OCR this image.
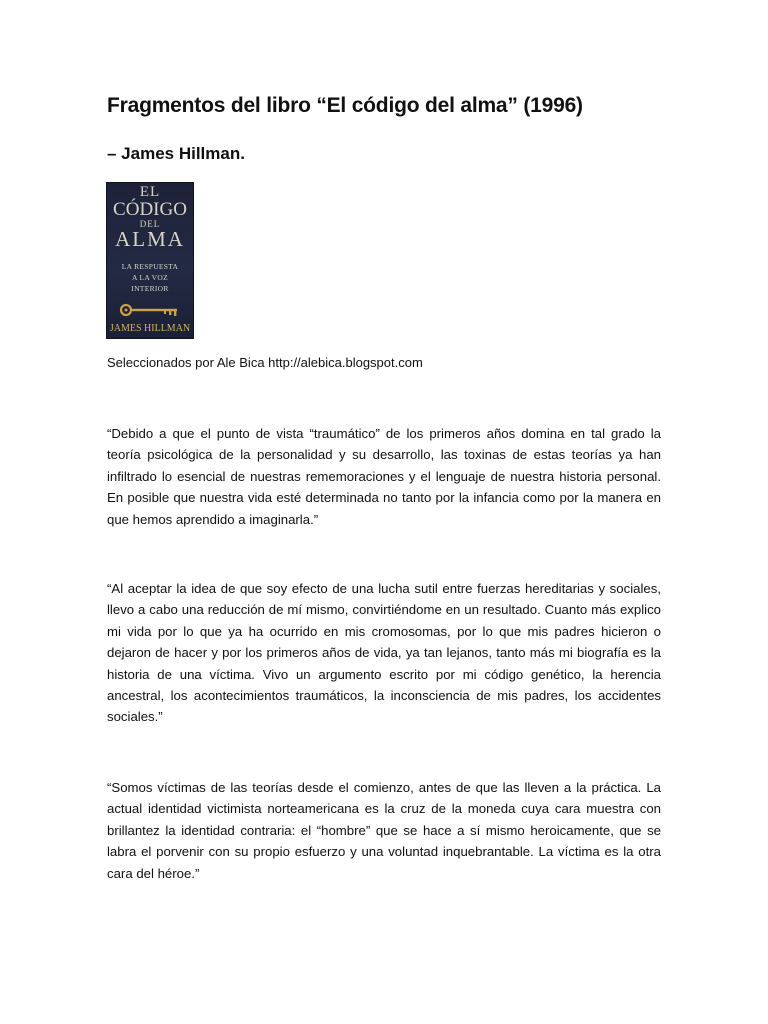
Fragmentos del libro “El código del alma” (1996)

– James Hillman.

EL
CÓDIGO
DEL
ALMA
LA RESPUESTA
A LA VOZ
INTERIOR
JAMES HILLMAN

Seleccionados por Ale Bica http://alebica.blogspot.com

“Debido a que el punto de vista “traumático” de los primeros años domina en tal grado la teoría psicológica de la personalidad y su desarrollo, las toxinas de estas teorías ya han infiltrado lo esencial de nuestras rememoraciones y el lenguaje de nuestra historia personal. En posible que nuestra vida esté determinada no tanto por la infancia como por la manera en que hemos aprendido a imaginarla.”

“Al aceptar la idea de que soy efecto de una lucha sutil entre fuerzas hereditarias y sociales, llevo a cabo una reducción de mí mismo, convirtiéndome en un resultado. Cuanto más explico mi vida por lo que ya ha ocurrido en mis cromosomas, por lo que mis padres hicieron o dejaron de hacer y por los primeros años de vida, ya tan lejanos, tanto más mi biografía es la historia de una víctima. Vivo un argumento escrito por mi código genético, la herencia ancestral, los acontecimientos traumáticos, la inconsciencia de mis padres, los accidentes sociales.”

“Somos víctimas de las teorías desde el comienzo, antes de que las lleven a la práctica. La actual identidad victimista norteamericana es la cruz de la moneda cuya cara muestra con brillantez la identidad contraria: el “hombre” que se hace a sí mismo heroicamente, que se labra el porvenir con su propio esfuerzo y una voluntad inquebrantable. La víctima es la otra cara del héroe.”
